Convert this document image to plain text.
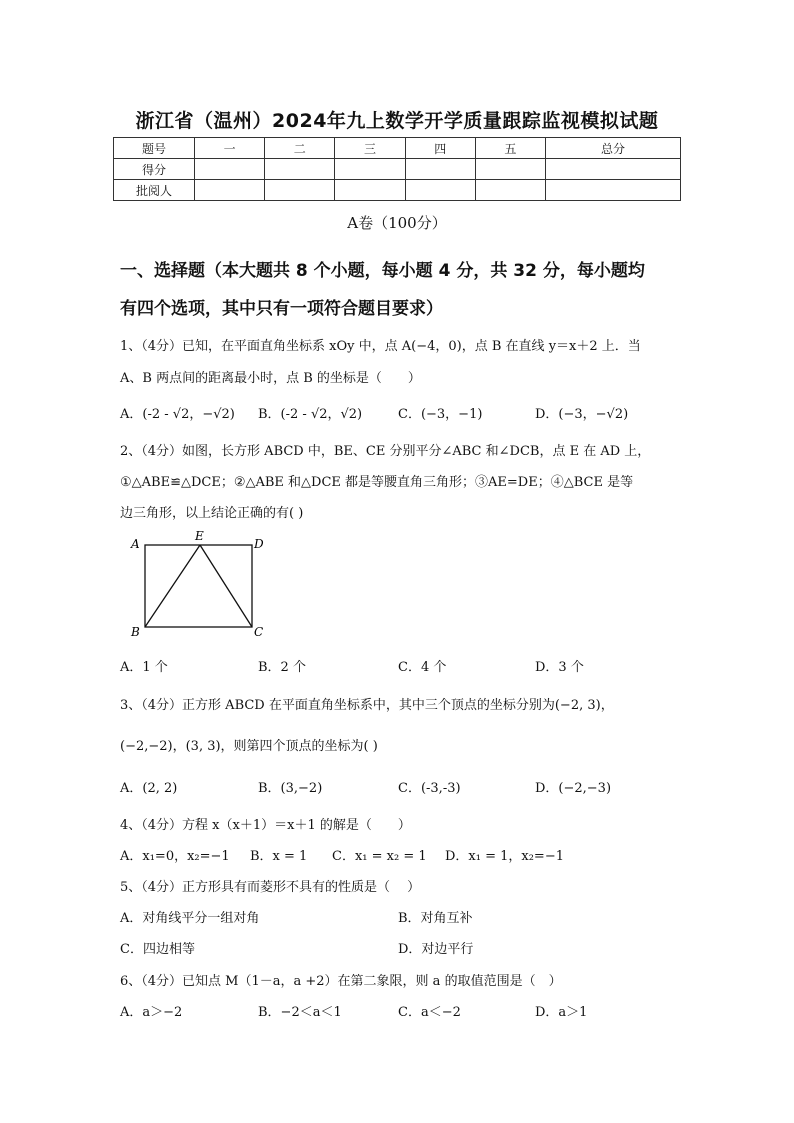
浙江省（温州）2024年九上数学开学质量跟踪监视模拟试题
题号	一	二	三	四	五	总分
得分						
批阅人						
A卷（100分）
一、选择题（本大题共 8 个小题，每小题 4 分，共 32 分，每小题均
有四个选项，其中只有一项符合题目要求）
1、（4分）已知，在平面直角坐标系 xOy 中，点 A(−4，0)，点 B 在直线 y＝x＋2 上．当
A、B 两点间的距离最小时，点 B 的坐标是（　　）
A．(-2 - √2，−√2) B．(-2 - √2，√2)	C．(−3，−1)	D．(−3，−√2)
2、（4分）如图，长方形 ABCD 中，BE、CE 分别平分∠ABC 和∠DCB，点 E 在 AD 上，
①△ABE≌△DCE；②△ABE 和△DCE 都是等腰直角三角形；③AE=DE；④△BCE 是等
边三角形，以上结论正确的有( )
A
E
D
B	C
A．1 个	B．2 个	C．4 个	D．3 个
3、（4分）正方形 ABCD 在平面直角坐标系中，其中三个顶点的坐标分别为(−2, 3)，
(−2,−2)，(3, 3)，则第四个顶点的坐标为( )
A．(2, 2)	B．(3,−2)	C．(-3,-3)	D．(−2,−3)
4、（4分）方程 x（x＋1）＝x＋1 的解是（　　）
A．x₁=0，x₂=−1 B．x = 1 C．x₁ = x₂ = 1 D．x₁ = 1，x₂=−1
5、（4分）正方形具有而菱形不具有的性质是（　 ）
A．对角线平分一组对角	B．对角互补
C．四边相等	D．对边平行
6、（4分）已知点 M（1－a，a +2）在第二象限，则 a 的取值范围是（　）
A．a＞−2	B．−2＜a＜1	C．a＜−2	D．a＞1
